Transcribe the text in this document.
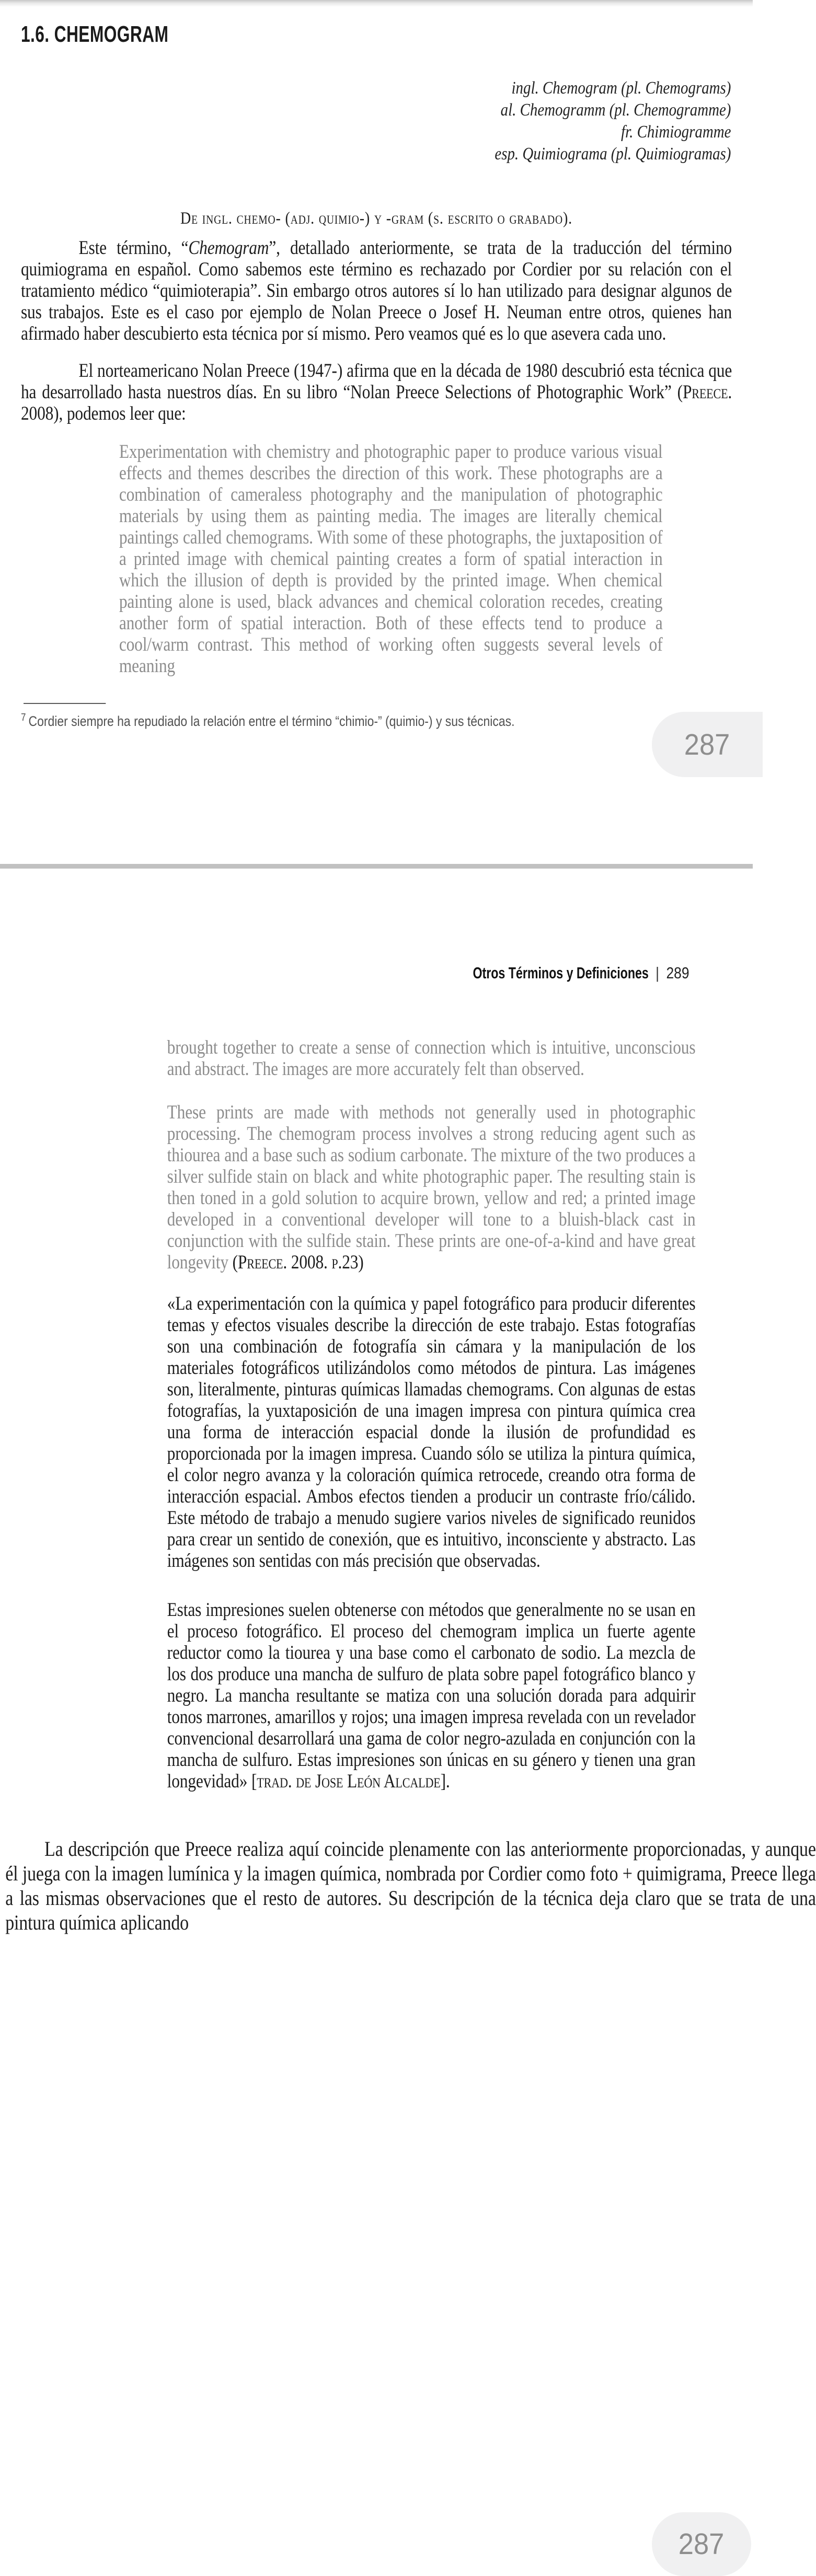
1.6. CHEMOGRAM
ingl. Chemogram (pl. Chemograms)
al. Chemogramm (pl. Chemogramme)
fr. Chimiogramme
esp. Quimiograma (pl. Quimiogramas)
De ingl. chemo- (adj. quimio-) y -gram (s. escrito o grabado).

Este término, “Chemogram”, detallado anteriormente, se trata de la traducción del término quimiograma en español. Como sabemos este término es rechazado por Cordier por su relación con el tratamiento médico “quimioterapia”. Sin embargo otros autores sí lo han utilizado para designar algunos de sus trabajos. Este es el caso por ejemplo de Nolan Preece o Josef H. Neuman entre otros, quienes han afirmado haber descubierto esta técnica por sí mismo. Pero veamos qué es lo que asevera cada uno.

El norteamericano Nolan Preece (1947-) afirma que en la década de 1980 descubrió esta técnica que ha desarrollado hasta nuestros días. En su libro “Nolan Preece Selections of Photographic Work” (Preece. 2008), podemos leer que:

Experimentation with chemistry and photographic paper to produce various visual effects and themes describes the direction of this work. These photographs are a combination of cameraless photography and the manipulation of photographic materials by using them as painting media. The images are literally chemical paintings called chemograms. With some of these photographs, the juxtaposition of a printed image with chemical painting creates a form of spatial interaction in which the illusion of depth is provided by the printed image. When chemical painting alone is used, black advances and chemical coloration recedes, creating another form of spatial interaction. Both of these effects tend to produce a cool/warm contrast. This method of working often suggests several levels of meaning

$^7$ Cordier siempre ha repudiado la relación entre el término “chimio-” (quimio-) y sus técnicas.

287
Otros Términos y Definiciones | 289
brought together to create a sense of connection which is intuitive, unconscious and abstract. The images are more accurately felt than observed.
These prints are made with methods not generally used in photographic processing. The chemogram process involves a strong reducing agent such as thiourea and a base such as sodium carbonate. The mixture of the two produces a silver sulfide stain on black and white photographic paper. The resulting stain is then toned in a gold solution to acquire brown, yellow and red; a printed image developed in a conventional developer will tone to a bluish-black cast in conjunction with the sulfide stain. These prints are one-of-a-kind and have great longevity (Preece. 2008. p.23)
«La experimentación con la química y papel fotográfico para producir diferentes temas y efectos visuales describe la dirección de este trabajo. Estas fotografías son una combinación de fotografía sin cámara y la manipulación de los materiales fotográficos utilizándolos como métodos de pintura. Las imágenes son, literalmente, pinturas químicas llamadas chemograms. Con algunas de estas fotografías, la yuxtaposición de una imagen impresa con pintura química crea una forma de interacción espacial donde la ilusión de profundidad es proporcionada por la imagen impresa. Cuando sólo se utiliza la pintura química, el color negro avanza y la coloración química retrocede, creando otra forma de interacción espacial. Ambos efectos tienden a producir un contraste frío/cálido. Este método de trabajo a menudo sugiere varios niveles de significado reunidos para crear un sentido de conexión, que es intuitivo, inconsciente y abstracto. Las imágenes son sentidas con más precisión que observadas.
Estas impresiones suelen obtenerse con métodos que generalmente no se usan en el proceso fotográfico. El proceso del chemogram implica un fuerte agente reductor como la tiourea y una base como el carbonato de sodio. La mezcla de los dos produce una mancha de sulfuro de plata sobre papel fotográfico blanco y negro. La mancha resultante se matiza con una solución dorada para adquirir tonos marrones, amarillos y rojos; una imagen impresa revelada con un revelador convencional desarrollará una gama de color negro-azulada en conjunción con la mancha de sulfuro. Estas impresiones son únicas en su género y tienen una gran longevidad» [trad. de Jose León Alcalde].

La descripción que Preece realiza aquí coincide plenamente con las anteriormente proporcionadas, y aunque él juega con la imagen lumínica y la imagen química, nombrada por Cordier como foto + quimigrama, Preece llega a las mismas observaciones que el resto de autores. Su descripción de la técnica deja claro que se trata de una pintura química aplicando

287
